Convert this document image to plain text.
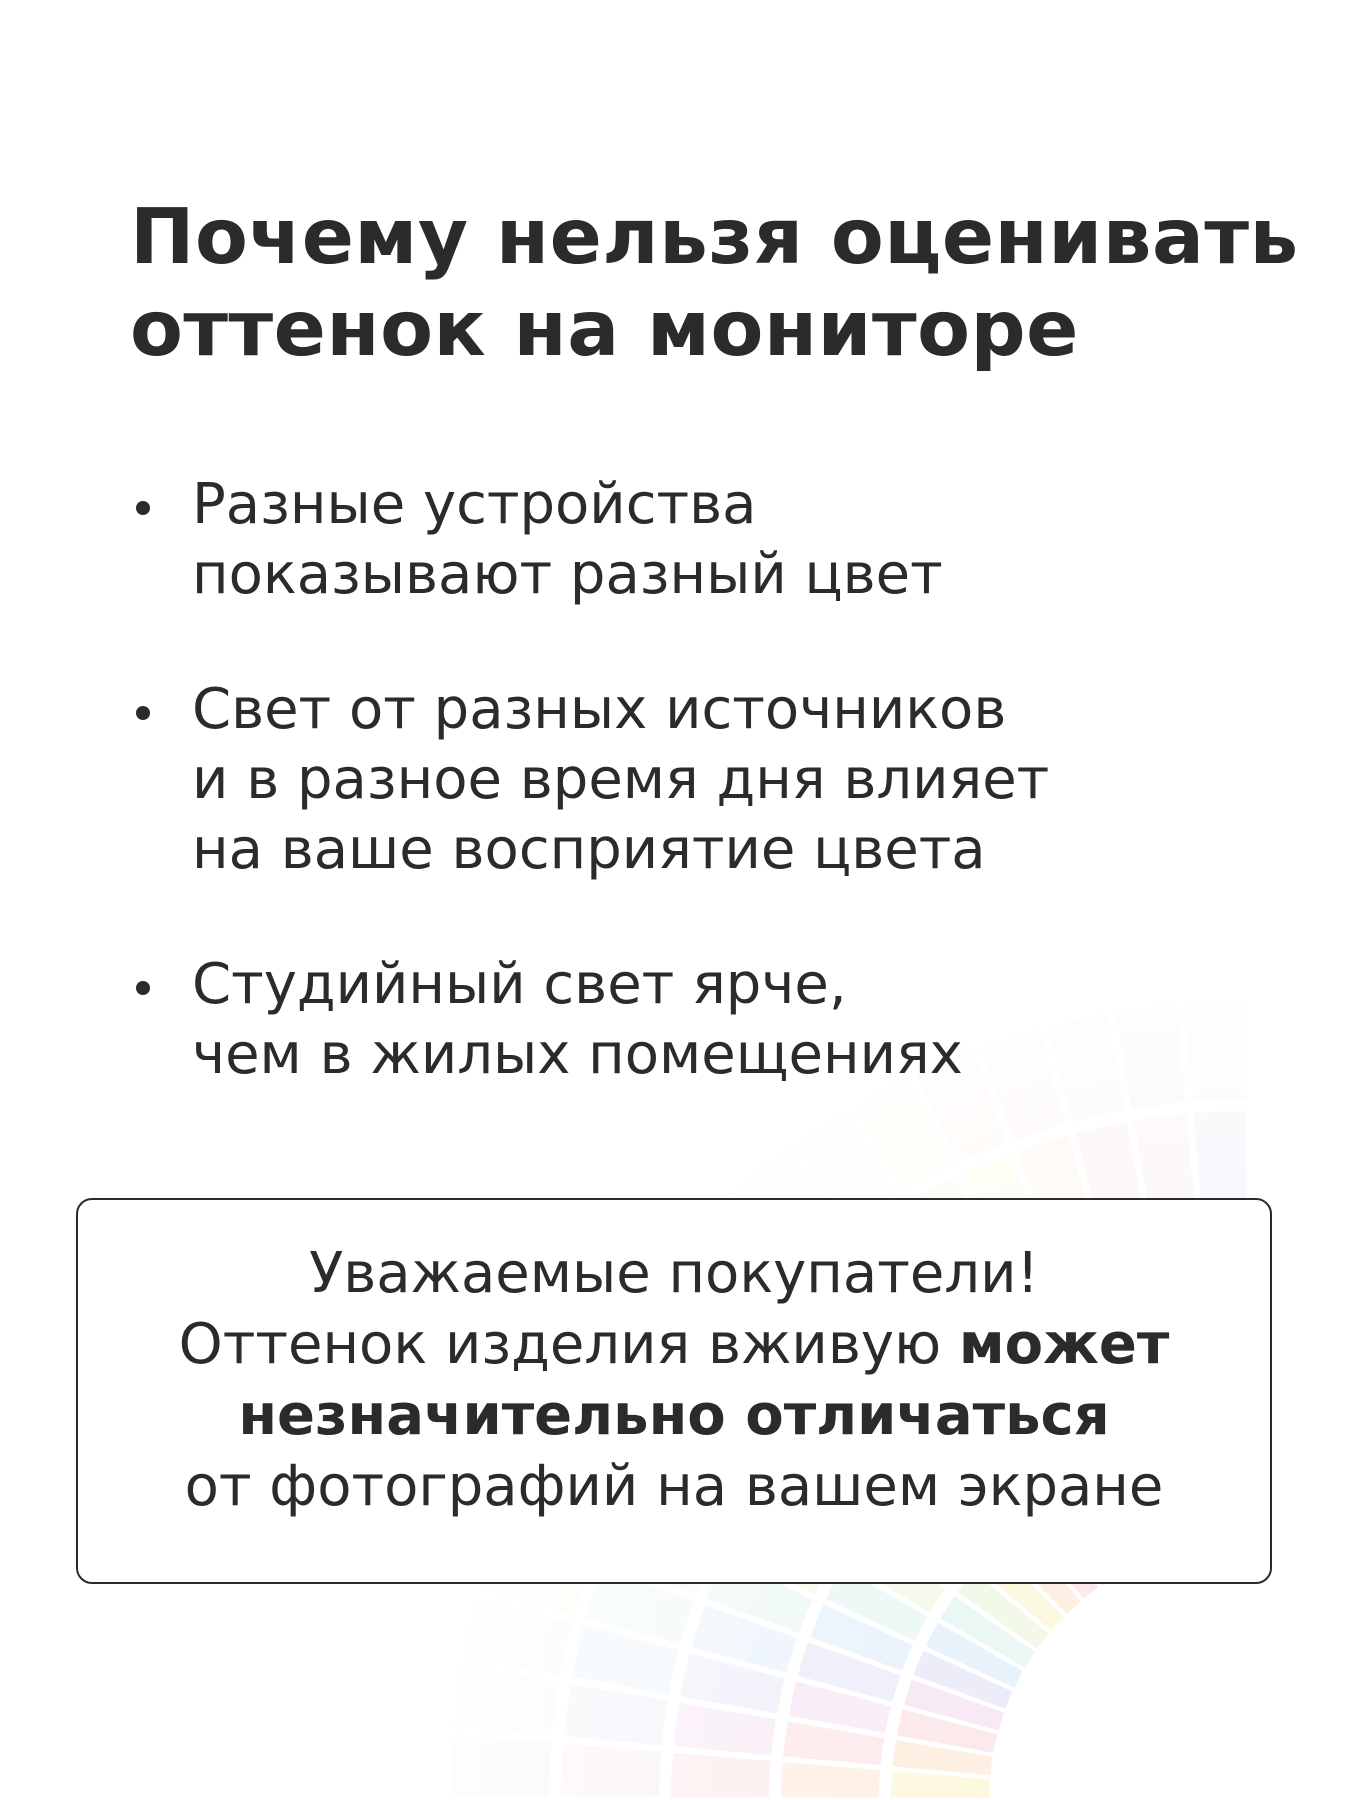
Почему нельзя оценивать
оттенок на мониторе
Разные устройства
показывают разный цвет
Свет от разных источников
и в разное время дня влияет
на ваше восприятие цвета
Студийный свет ярче,
чем в жилых помещениях
Уважаемые покупатели!
Оттенок изделия вживую может
незначительно отличаться
от фотографий на вашем экране
